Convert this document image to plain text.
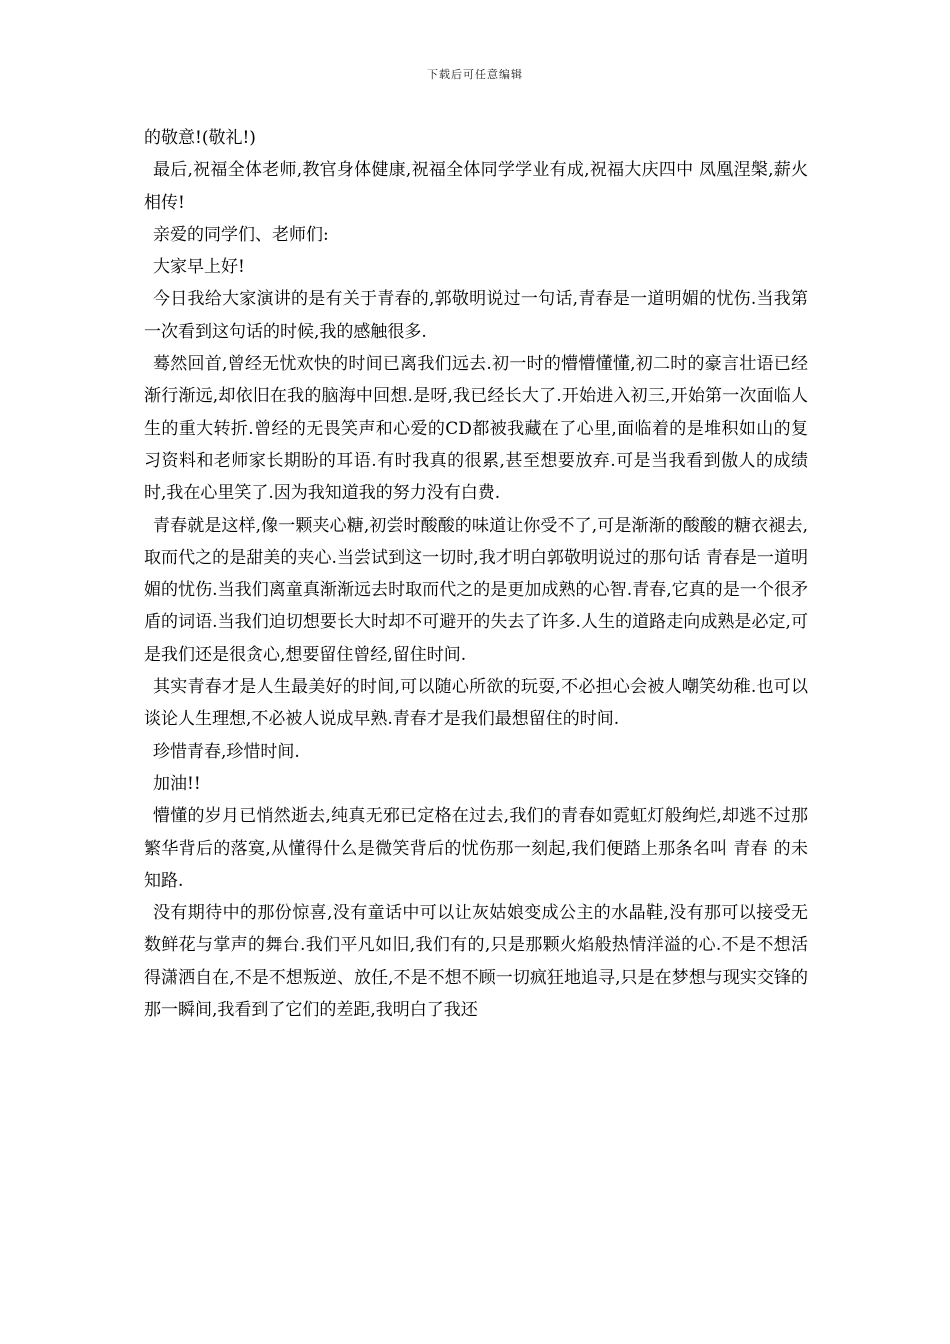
下载后可任意编辑

的敬意!(敬礼!)

最后,祝福全体老师,教官身体健康,祝福全体同学学业有成,祝福大庆四中 凤凰涅槃,薪火 相传!

亲爱的同学们、老师们:

大家早上好!

今日我给大家演讲的是有关于青春的,郭敬明说过一句话,青春是一道明媚的忧伤.当我第一次看到这句话的时候,我的感触很多.

蓦然回首,曾经无忧欢快的时间已离我们远去.初一时的懵懵懂懂,初二时的豪言壮语已经渐行渐远,却依旧在我的脑海中回想.是呀,我已经长大了.开始进入初三,开始第一次面临人生的重大转折.曾经的无畏笑声和心爱的CD都被我藏在了心里,面临着的是堆积如山的复习资料和老师家长期盼的耳语.有时我真的很累,甚至想要放弃.可是当我看到傲人的成绩时,我在心里笑了.因为我知道我的努力没有白费.

青春就是这样,像一颗夹心糖,初尝时酸酸的味道让你受不了,可是渐渐的酸酸的糖衣褪去,取而代之的是甜美的夹心.当尝试到这一切时,我才明白郭敬明说过的那句话 青春是一道明媚的忧伤.当我们离童真渐渐远去时取而代之的是更加成熟的心智.青春,它真的是一个很矛盾的词语.当我们迫切想要长大时却不可避开的失去了许多.人生的道路走向成熟是必定,可是我们还是很贪心,想要留住曾经,留住时间.

其实青春才是人生最美好的时间,可以随心所欲的玩耍,不必担心会被人嘲笑幼稚.也可以谈论人生理想,不必被人说成早熟.青春才是我们最想留住的时间.

珍惜青春,珍惜时间.

加油!!

懵懂的岁月已悄然逝去,纯真无邪已定格在过去,我们的青春如霓虹灯般绚烂,却逃不过那繁华背后的落寞,从懂得什么是微笑背后的忧伤那一刻起,我们便踏上那条名叫 青春 的未知路.

没有期待中的那份惊喜,没有童话中可以让灰姑娘变成公主的水晶鞋,没有那可以接受无数鲜花与掌声的舞台.我们平凡如旧,我们有的,只是那颗火焰般热情洋溢的心.不是不想活得潇洒自在,不是不想叛逆、放任,不是不想不顾一切疯狂地追寻,只是在梦想与现实交锋的那一瞬间,我看到了它们的差距,我明白了我还
